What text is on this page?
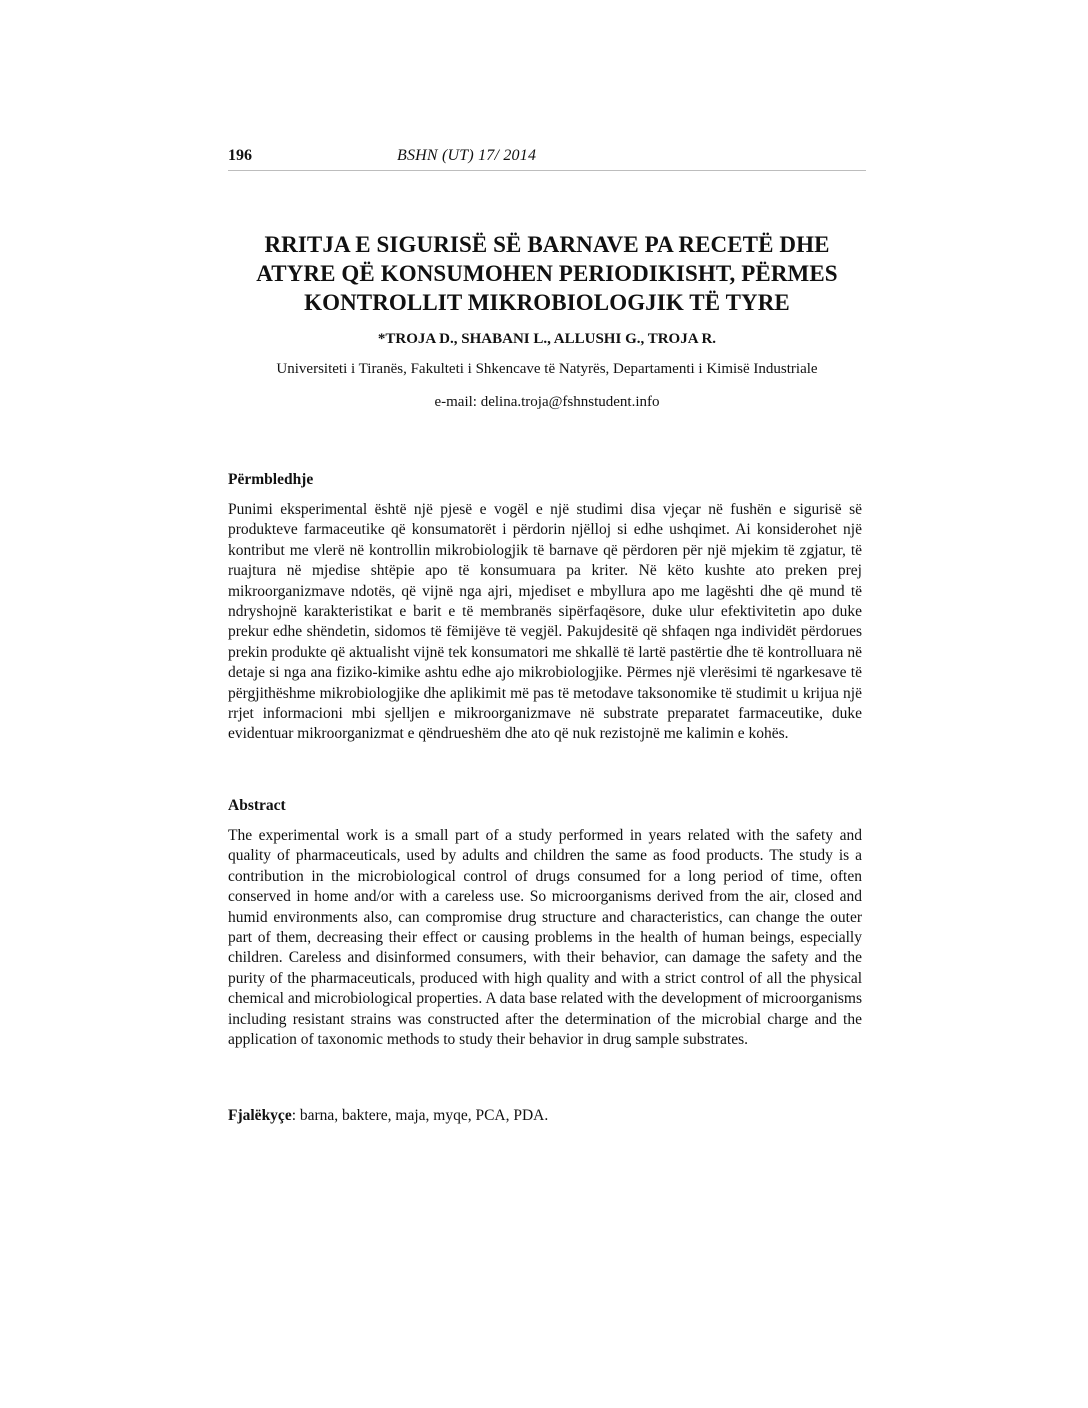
196	BSHN (UT) 17/ 2014
RRITJA E SIGURISË SË BARNAVE PA RECETË DHE
ATYRE QË KONSUMOHEN PERIODIKISHT, PËRMES
KONTROLLIT MIKROBIOLOGJIK TË TYRE

*TROJA D., SHABANI L., ALLUSHI G., TROJA R.

Universiteti i Tiranës, Fakulteti i Shkencave të Natyrës, Departamenti i Kimisë Industriale

e-mail: delina.troja@fshnstudent.info

Përmbledhje

Punimi eksperimental është një pjesë e vogël e një studimi disa vjeçar në fushën e sigurisë së produkteve farmaceutike që konsumatorët i përdorin njëlloj si edhe ushqimet. Ai konsiderohet një kontribut me vlerë në kontrollin mikrobiologjik të barnave që përdoren për një mjekim të zgjatur, të ruajtura në mjedise shtëpie apo të konsumuara pa kriter. Në këto kushte ato preken prej mikroorganizmave ndotës, që vijnë nga ajri, mjediset e mbyllura apo me lagështi dhe që mund të ndryshojnë karakteristikat e barit e të membranës sipërfaqësore, duke ulur efektivitetin apo duke prekur edhe shëndetin, sidomos të fëmijëve të vegjël. Pakujdesitë që shfaqen nga individët përdorues prekin produkte që aktualisht vijnë tek konsumatori me shkallë të lartë pastërtie dhe të kontrolluara në detaje si nga ana fiziko-kimike ashtu edhe ajo mikrobiologjike. Përmes një vlerësimi të ngarkesave të përgjithëshme mikrobiologjike dhe aplikimit më pas të metodave taksonomike të studimit u krijua një rrjet informacioni mbi sjelljen e mikroorganizmave në substrate preparatet farmaceutike, duke evidentuar mikroorganizmat e qëndrueshëm dhe ato që nuk rezistojnë me kalimin e kohës.

Abstract

The experimental work is a small part of a study performed in years related with the safety and quality of pharmaceuticals, used by adults and children the same as food products. The study is a contribution in the microbiological control of drugs consumed for a long period of time, often conserved in home and/or with a careless use. So microorganisms derived from the air, closed and humid environments also, can compromise drug structure and characteristics, can change the outer part of them, decreasing their effect or causing problems in the health of human beings, especially children. Careless and disinformed consumers, with their behavior, can damage the safety and the purity of the pharmaceuticals, produced with high quality and with a strict control of all the physical chemical and microbiological properties. A data base related with the development of microorganisms including resistant strains was constructed after the determination of the microbial charge and the application of taxonomic methods to study their behavior in drug sample substrates.

Fjalëkyçe: barna, baktere, maja, myqe, PCA, PDA.
